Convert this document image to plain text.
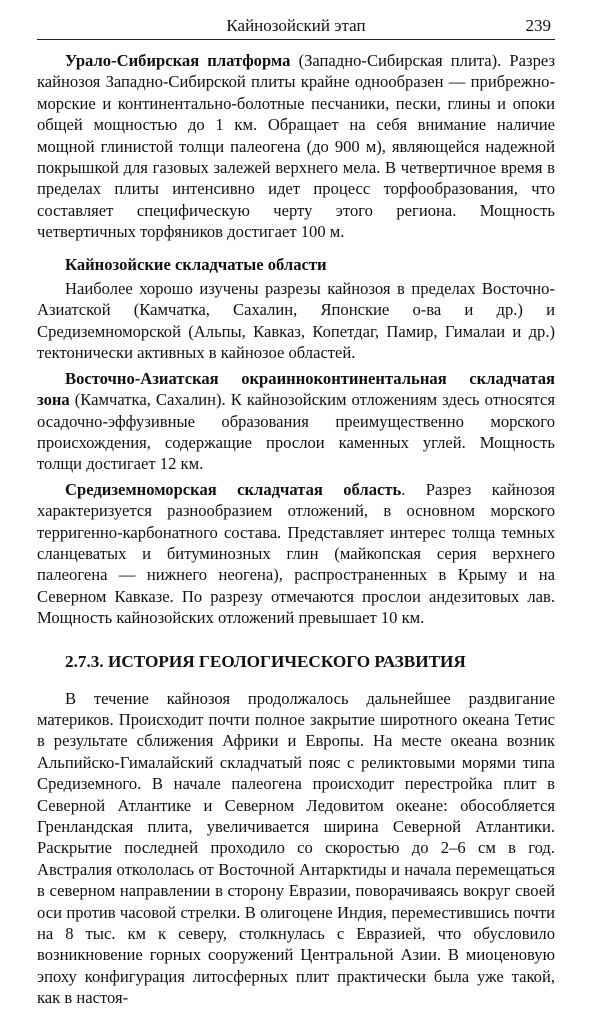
Кайнозойский этап	239

Урало-Сибирская платформа (Западно-Сибирская плита). Разрез кайнозоя Западно-Сибирской плиты крайне однообразен — прибрежно-морские и континентально-болотные песчаники, пески, глины и опоки общей мощностью до 1 км. Обращает на себя внимание наличие мощной глинистой толщи палеогена (до 900 м), являющейся надежной покрышкой для газовых залежей верхнего мела. В четвертичное время в пределах плиты интенсивно идет процесс торфообразования, что составляет специфическую черту этого региона. Мощность четвертичных торфяников достигает 100 м.

Кайнозойские складчатые области

Наиболее хорошо изучены разрезы кайнозоя в пределах Восточно-Азиатской (Камчатка, Сахалин, Японские о-ва и др.) и Средиземноморской (Альпы, Кавказ, Копетдаг, Памир, Гималаи и др.) тектонически активных в кайнозое областей.

Восточно-Азиатская окраинноконтинентальная складчатая зона (Камчатка, Сахалин). К кайнозойским отложениям здесь относятся осадочно-эффузивные образования преимущественно морского происхождения, содержащие прослои каменных углей. Мощность толщи достигает 12 км.

Средиземноморская складчатая область. Разрез кайнозоя характеризуется разнообразием отложений, в основном морского терригенно-карбонатного состава. Представляет интерес толща темных сланцеватых и битуминозных глин (майкопская серия верхнего палеогена — нижнего неогена), распространенных в Крыму и на Северном Кавказе. По разрезу отмечаются прослои андезитовых лав. Мощность кайнозойских отложений превышает 10 км.

2.7.3. ИСТОРИЯ ГЕОЛОГИЧЕСКОГО РАЗВИТИЯ

В течение кайнозоя продолжалось дальнейшее раздвигание материков. Происходит почти полное закрытие широтного океана Тетис в результате сближения Африки и Европы. На месте океана возник Альпийско-Гималайский складчатый пояс с реликтовыми морями типа Средиземного. В начале палеогена происходит перестройка плит в Северной Атлантике и Северном Ледовитом океане: обособляется Гренландская плита, увеличивается ширина Северной Атлантики. Раскрытие последней проходило со скоростью до 2–6 см в год. Австралия откололась от Восточной Антарктиды и начала перемещаться в северном направлении в сторону Евразии, поворачиваясь вокруг своей оси против часовой стрелки. В олигоцене Индия, переместившись почти на 8 тыс. км к северу, столкнулась с Евразией, что обусловило возникновение горных сооружений Центральной Азии. В миоценовую эпоху конфигурация литосферных плит практически была уже такой, как в настоя-
